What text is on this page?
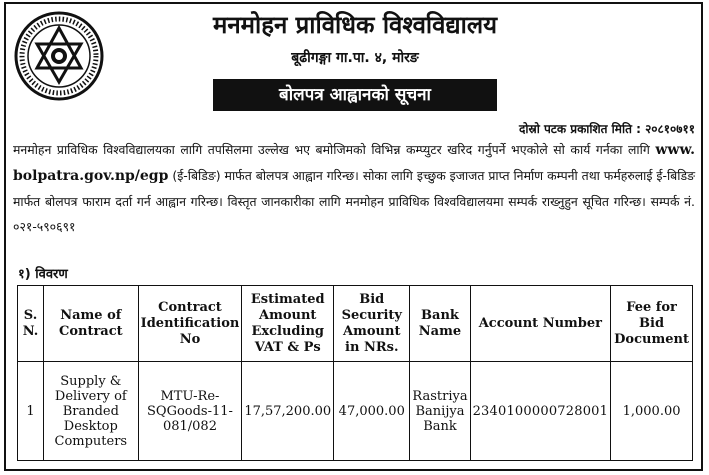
मनमोहन प्राविधिक विश्वविद्यालय
बूढीगङ्गा गा.पा. ४, मोरङ
बोलपत्र आह्वानको सूचना
दोस्रो पटक प्रकाशित मिति : २०८१०७११

मनमोहन प्राविधिक विश्वविद्यालयका लागि तपसिलमा उल्लेख भए बमोजिमको विभिन्न कम्प्युटर खरिद गर्नुपर्ने भएकोले सो कार्य गर्नका लागि www. bolpatra.gov.np/egp (ई-बिडिङ) मार्फत बोलपत्र आह्वान गरिन्छ। सोका लागि इच्छुक इजाजत प्राप्त निर्माण कम्पनी तथा फर्महरुलाई ई-बिडिङ मार्फत बोलपत्र फाराम दर्ता गर्न आह्वान गरिन्छ। विस्तृत जानकारीका लागि मनमोहन प्राविधिक विश्वविद्यालयमा सम्पर्क राख्नुहुन सूचित गरिन्छ। सम्पर्क नं. ०२१-५९०६९१

१) विवरण
S. N.	Name of Contract	Contract Identification No	Estimated Amount Excluding VAT & Ps	Bid Security Amount in NRs.	Bank Name	Account Number	Fee for Bid Document
1	Supply & Delivery of Branded Desktop Computers	MTU-Re-SQGoods-11-081/082	17,57,200.00	47,000.00	Rastriya Banijya Bank	2340100000728001	1,000.00
